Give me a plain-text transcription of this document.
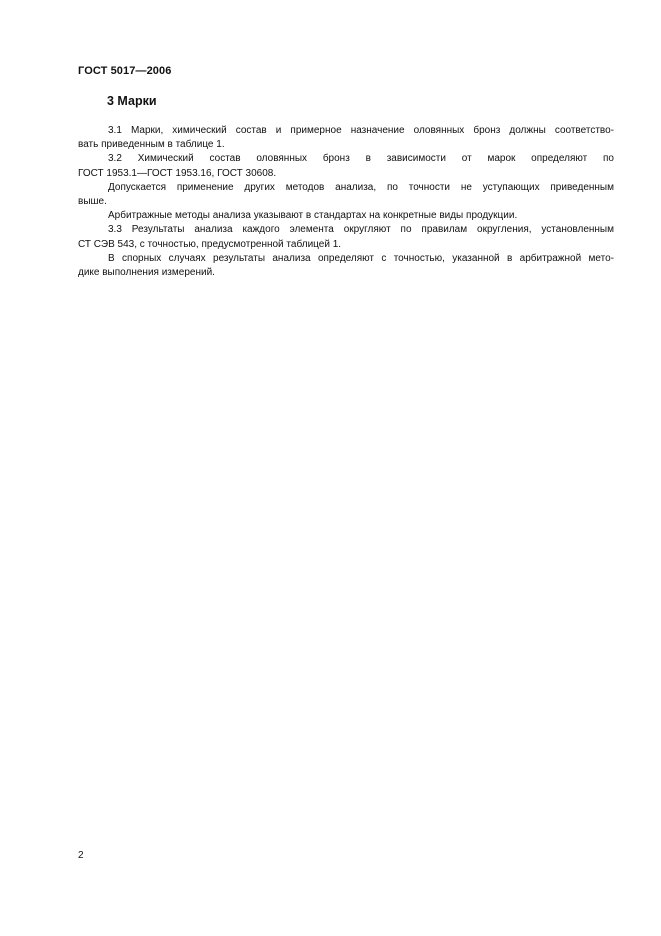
ГОСТ 5017—2006
3 Марки
3.1 Марки, химический состав и примерное назначение оловянных бронз должны соответство-
вать приведенным в таблице 1.
3.2 Химический состав оловянных бронз в зависимости от марок определяют по
ГОСТ 1953.1—ГОСТ 1953.16, ГОСТ 30608.
Допускается применение других методов анализа, по точности не уступающих приведенным
выше.
Арбитражные методы анализа указывают в стандартах на конкретные виды продукции.
3.3 Результаты анализа каждого элемента округляют по правилам округления, установленным
СТ СЭВ 543, с точностью, предусмотренной таблицей 1.
В спорных случаях результаты анализа определяют с точностью, указанной в арбитражной мето-
дике выполнения измерений.
2
